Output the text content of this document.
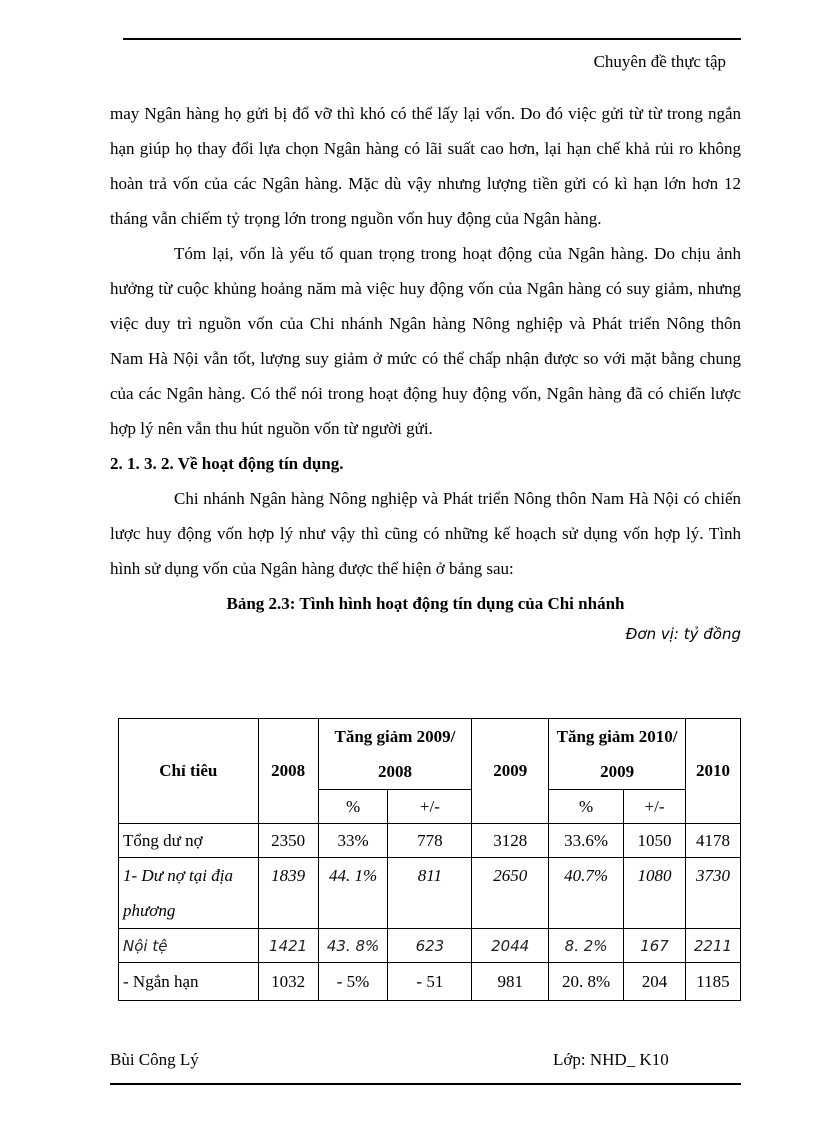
Chuyên đề thực tập

may Ngân hàng họ gửi bị đổ vỡ thì khó có thể lấy lại vốn. Do đó việc gửi từ từ trong ngắn hạn giúp họ thay đổi lựa chọn Ngân hàng có lãi suất cao hơn, lại hạn chế khả rủi ro không hoàn trả vốn của các Ngân hàng. Mặc dù vậy nhưng lượng tiền gửi có kì hạn lớn hơn 12 tháng vẫn chiếm tỷ trọng lớn trong nguồn vốn huy động của Ngân hàng.

Tóm lại, vốn là yếu tố quan trọng trong hoạt động của Ngân hàng. Do chịu ảnh hưởng từ cuộc khủng hoảng năm mà việc huy động vốn của Ngân hàng có suy giảm, nhưng việc duy trì nguồn vốn của Chi nhánh Ngân hàng Nông nghiệp và Phát triển Nông thôn Nam Hà Nội vẫn tốt, lượng suy giảm ở mức có thể chấp nhận được so với mặt bằng chung của các Ngân hàng. Có thể nói trong hoạt động huy động vốn, Ngân hàng đã có chiến lược hợp lý nên vẫn thu hút nguồn vốn từ người gửi.

2. 1. 3. 2. Về hoạt động tín dụng.

Chi nhánh Ngân hàng Nông nghiệp và Phát triển Nông thôn Nam Hà Nội có chiến lược huy động vốn hợp lý như vậy thì cũng có những kế hoạch sử dụng vốn hợp lý. Tình hình sử dụng vốn của Ngân hàng được thể hiện ở bảng sau:

Bảng 2.3: Tình hình hoạt động tín dụng của Chi nhánh

Đơn vị: tỷ đồng

Chỉ tiêu	2008	Tăng giảm 2009/ 2008		2009	Tăng giảm 2010/ 2009		2010
		%	+/-		%	+/-	
Tổng dư nợ	2350	33%	778	3128	33.6%	1050	4178
1- Dư nợ tại địa phương	1839	44. 1%	811	2650	40.7%	1080	3730
Nội tệ	1421	43. 8%	623	2044	8. 2%	167	2211
- Ngắn hạn	1032	- 5%	- 51	981	20. 8%	204	1185
Bùi Công Lý	Lớp: NHD_ K10
